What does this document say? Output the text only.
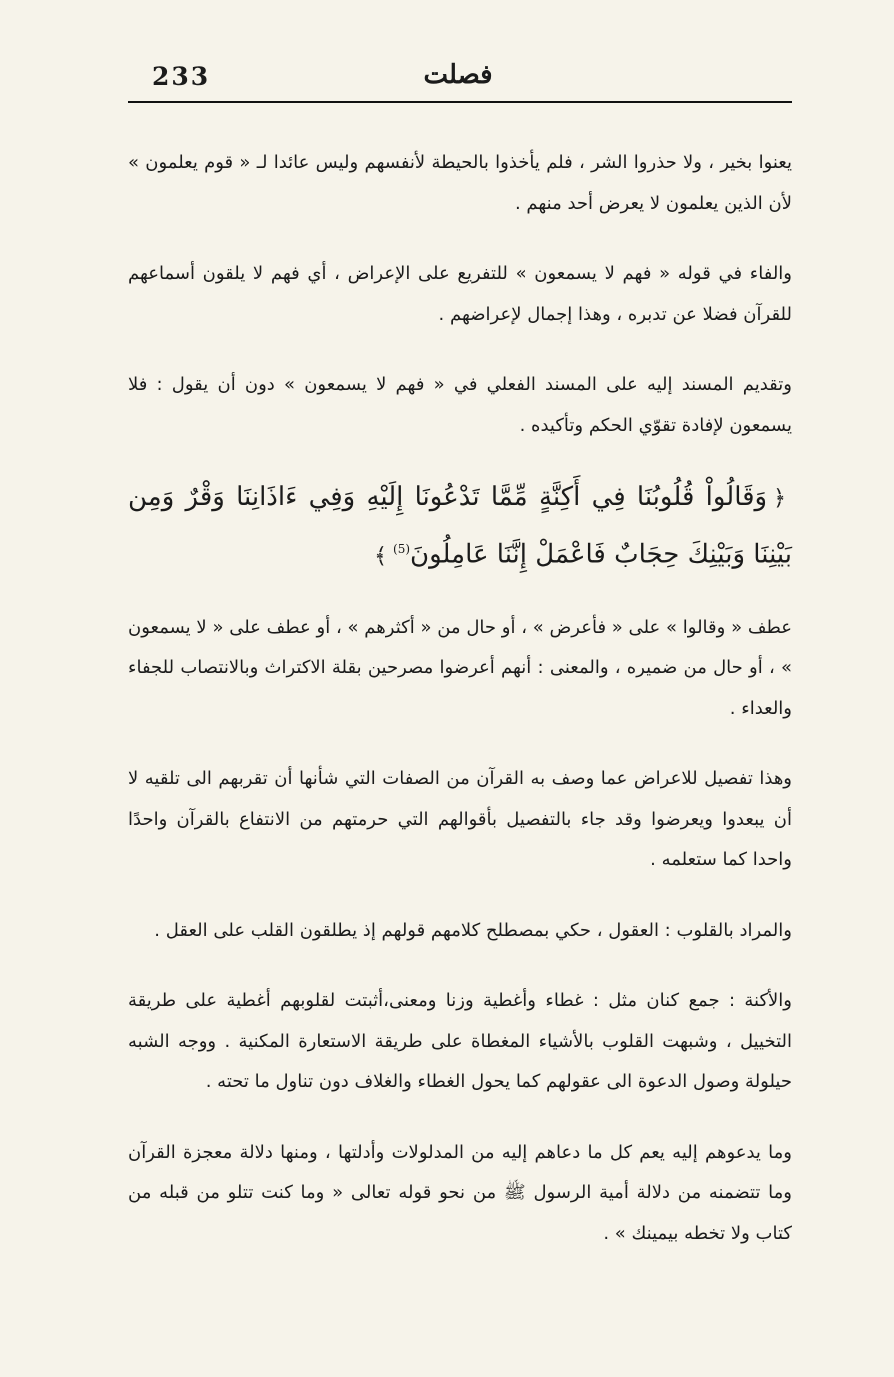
233	فصلت

يعنوا بخير ، ولا حذروا الشر ، فلم يأخذوا بالحيطة لأنفسهم وليس عائدا لـ « قوم يعلمون » لأن الذين يعلمون لا يعرض أحد منهم .

والفاء في قوله « فهم لا يسمعون » للتفريع على الإعراض ، أي فهم لا يلقون أسماعهم للقرآن فضلا عن تدبره ، وهذا إجمال لإعراضهم .

وتقديم المسند إليه على المسند الفعلي في « فهم لا يسمعون » دون أن يقول : فلا يسمعون لإفادة تقوّي الحكم وتأكيده .

﴿وَقَالُواْ قُلُوبُنَا فِي أَكِنَّةٍ مِّمَّا تَدْعُونَا إِلَيْهِ وَفِي ءَاذَانِنَا وَقْرٌ وَمِن بَيْنِنَا وَبَيْنِكَ حِجَابٌ فَاعْمَلْ إِنَّنَا عَامِلُونَ$^{(5)}$﴾

عطف « وقالوا » على « فأعرض » ، أو حال من « أكثرهم » ، أو عطف على « لا يسمعون » ، أو حال من ضميره ، والمعنى : أنهم أعرضوا مصرحين بقلة الاكتراث وبالانتصاب للجفاء والعداء .

وهذا تفصيل للاعراض عما وصف به القرآن من الصفات التي شأنها أن تقربهم الى تلقيه لا أن يبعدوا ويعرضوا وقد جاء بالتفصيل بأقوالهم التي حرمتهم من الانتفاع بالقرآن واحدًا واحدا كما ستعلمه .

والمراد بالقلوب : العقول ، حكي بمصطلح كلامهم قولهم إذ يطلقون القلب على العقل .

والأكنة : جمع كنان مثل : غطاء وأغطية وزنا ومعنى،أثبتت لقلوبهم أغطية على طريقة التخييل ، وشبهت القلوب بالأشياء المغطاة على طريقة الاستعارة المكنية . ووجه الشبه حيلولة وصول الدعوة الى عقولهم كما يحول الغطاء والغلاف دون تناول ما تحته .

وما يدعوهم إليه يعم كل ما دعاهم إليه من المدلولات وأدلتها ، ومنها دلالة معجزة القرآن وما تتضمنه من دلالة أمية الرسول ﷺ من نحو قوله تعالى « وما كنت تتلو من قبله من كتاب ولا تخطه بيمينك » .
